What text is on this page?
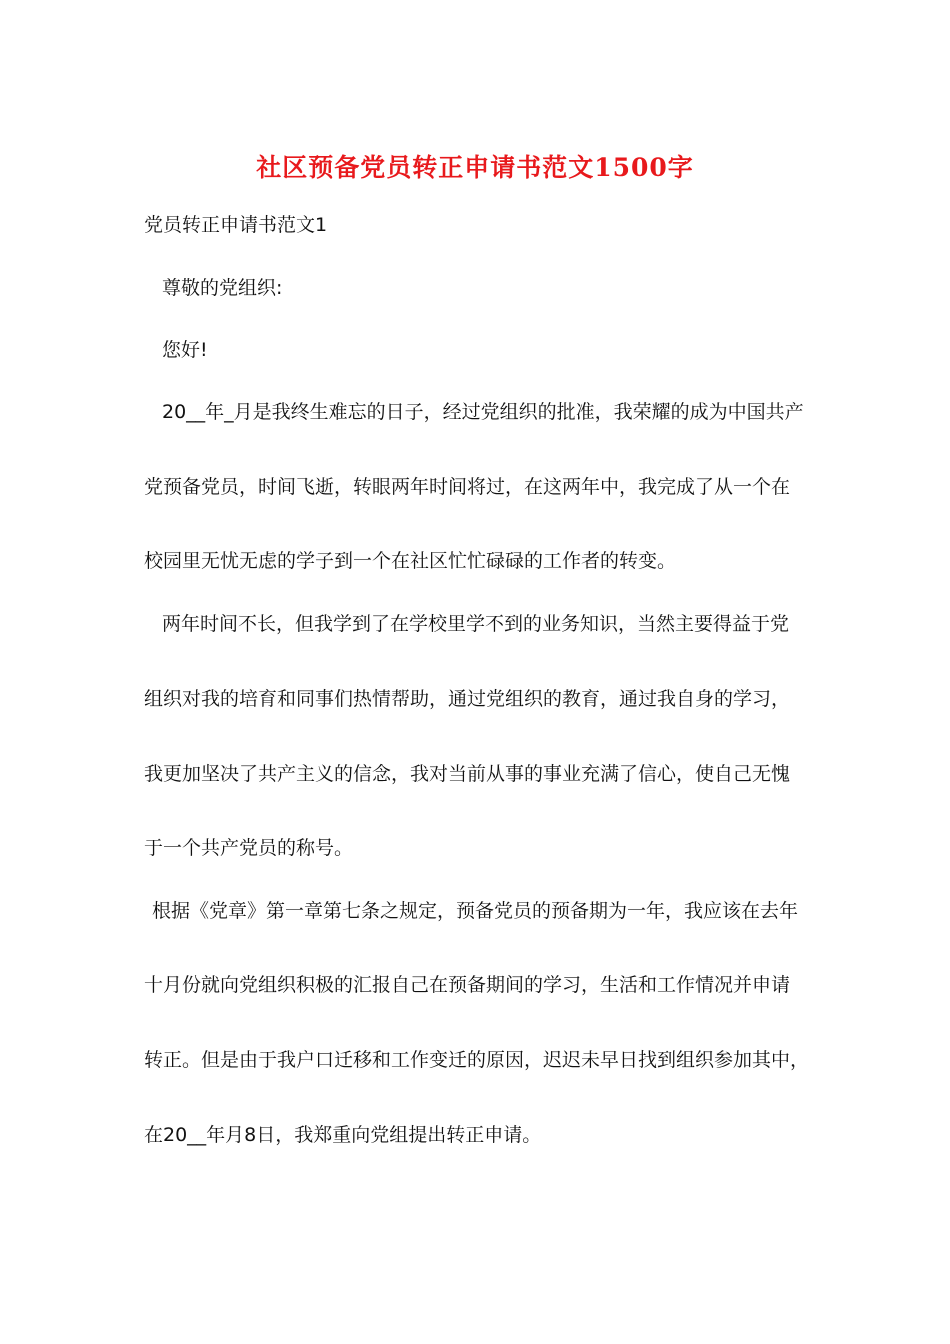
社区预备党员转正申请书范文1500字
党员转正申请书范文1
尊敬的党组织:
您好!
20__年_月是我终生难忘的日子，经过党组织的批准，我荣耀的成为中国共产
党预备党员，时间飞逝，转眼两年时间将过，在这两年中，我完成了从一个在
校园里无忧无虑的学子到一个在社区忙忙碌碌的工作者的转变。
两年时间不长，但我学到了在学校里学不到的业务知识，当然主要得益于党
组织对我的培育和同事们热情帮助，通过党组织的教育，通过我自身的学习，
我更加坚决了共产主义的信念，我对当前从事的事业充满了信心，使自己无愧
于一个共产党员的称号。
根据《党章》第一章第七条之规定，预备党员的预备期为一年，我应该在去年
十月份就向党组织积极的汇报自己在预备期间的学习，生活和工作情况并申请
转正。但是由于我户口迁移和工作变迁的原因，迟迟未早日找到组织参加其中，
在20__年月8日，我郑重向党组提出转正申请。
